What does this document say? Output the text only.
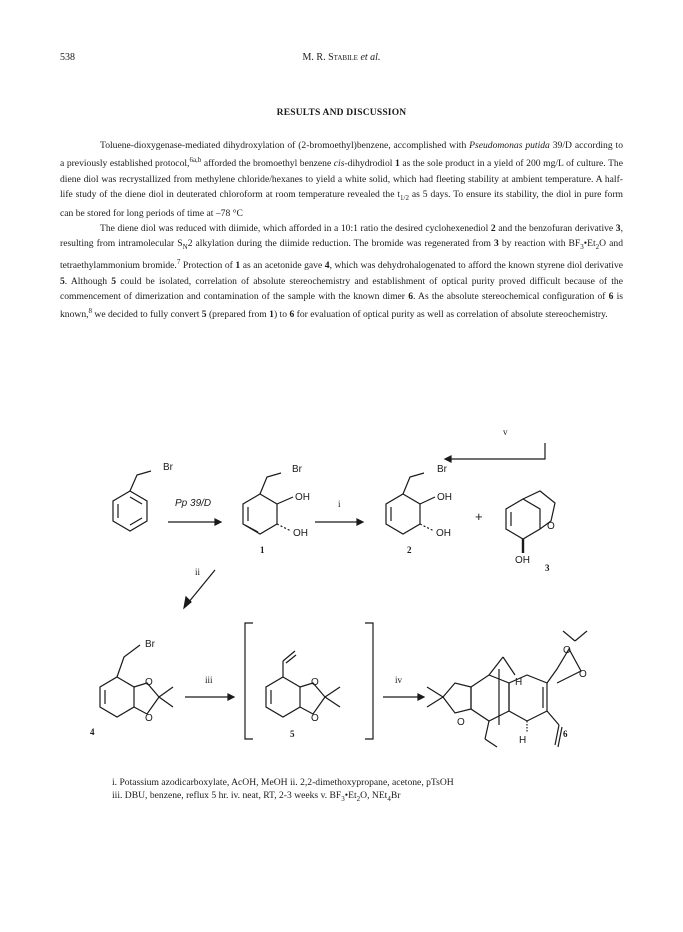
538	M. R. Stabile et al.
RESULTS AND DISCUSSION

Toluene-dioxygenase-mediated dihydroxylation of (2-bromoethyl)benzene, accomplished with Pseudomonas putida 39/D according to a previously established protocol,$^{6a,b}$ afforded the bromoethyl benzene cis-dihydrodiol 1 as the sole product in a yield of 200 mg/L of culture. The diene diol was recrystallized from methylene chloride/hexanes to yield a white solid, which had fleeting stability at ambient temperature. A half-life study of the diene diol in deuterated chloroform at room temperature revealed the $t_{1/2}$ as 5 days. To ensure its stability, the diol in pure form can be stored for long periods of time at –78 °C

The diene diol was reduced with diimide, which afforded in a 10:1 ratio the desired cyclohexenediol 2 and the benzofuran derivative 3, resulting from intramolecular $S_N2$ alkylation during the diimide reduction. The bromide was regenerated from 3 by reaction with $BF_3•Et_2O$ and tetraethylammonium bromide.$^7$ Protection of 1 as an acetonide gave 4, which was dehydrohalogenated to afford the known styrene diol derivative 5. Although 5 could be isolated, correlation of absolute stereochemistry and establishment of optical purity proved difficult because of the commencement of dimerization and contamination of the sample with the known dimer 6. As the absolute stereochemical configuration of 6 is known,$^8$ we decided to fully convert 5 (prepared from 1) to 6 for evaluation of optical purity as well as correlation of absolute stereochemistry.

Br
Pp 39/D
Br
OH
OH
1
i
Br
OH
OH
2
+
O
OH
3
v
ii
Br
O
O
4
iii	O
O
5
iv
O
H
H
O
O
6
i. Potassium azodicarboxylate, AcOH, MeOH ii. 2,2-dimethoxypropane, acetone, pTsOH
iii. DBU, benzene, reflux 5 hr. iv. neat, RT, 2-3 weeks v. $BF_3•Et_2O$, NEt$_4$Br
